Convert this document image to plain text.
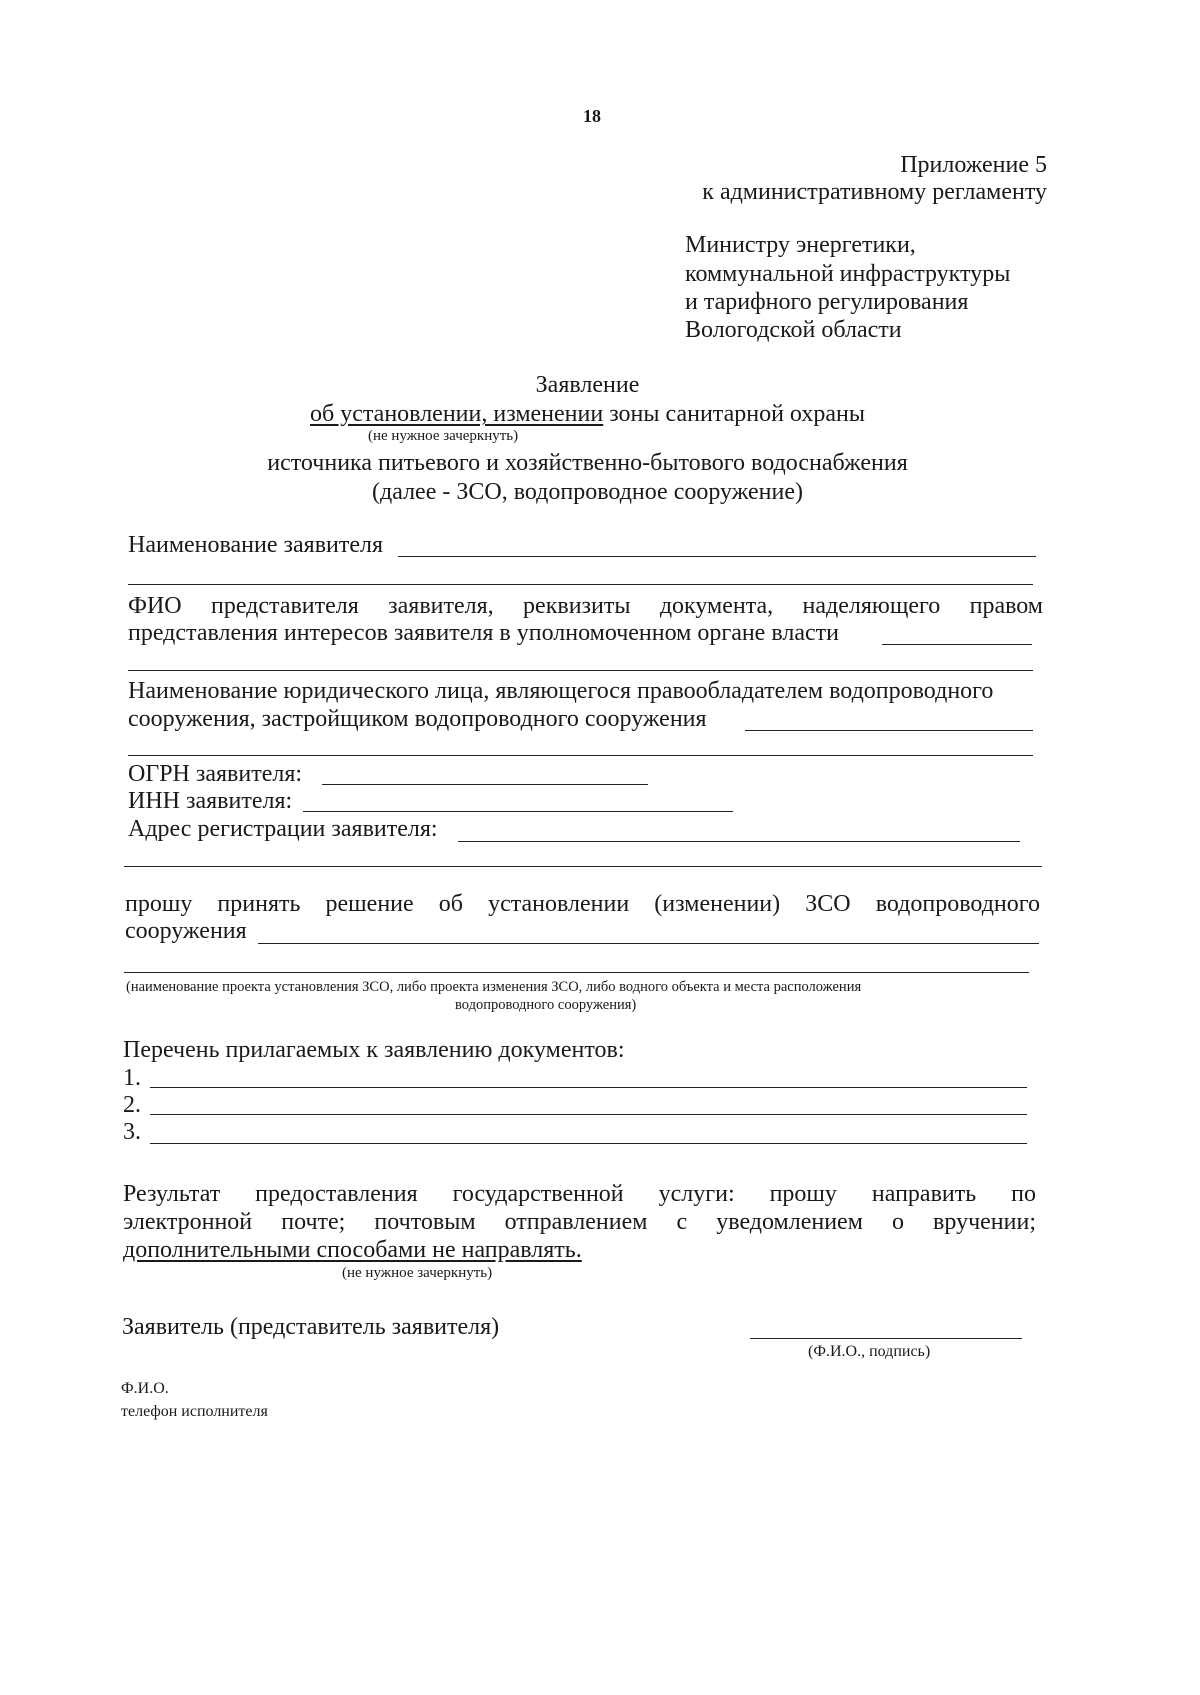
18
Приложение 5
к административному регламенту
Министру энергетики,
коммунальной инфраструктуры
и тарифного регулирования
Вологодской области
Заявление
об установлении, изменении зоны санитарной охраны
(не нужное зачеркнуть)
источника питьевого и хозяйственно-бытового водоснабжения
(далее - ЗСО, водопроводное сооружение)
Наименование заявителя
ФИО представителя заявителя, реквизиты документа, наделяющего правом
представления интересов заявителя в уполномоченном органе власти
Наименование юридического лица, являющегося правообладателем водопроводного
сооружения, застройщиком водопроводного сооружения
ОГРН заявителя:
ИНН заявителя:
Адрес регистрации заявителя:
прошу принять решение об установлении (изменении) ЗСО водопроводного
сооружения
(наименование проекта установления ЗСО, либо проекта изменения ЗСО, либо водного объекта и места расположения
водопроводного сооружения)
Перечень прилагаемых к заявлению документов:
1.
2.
3.
Результат предоставления государственной услуги: прошу направить по
электронной почте; почтовым отправлением с уведомлением о вручении;
дополнительными способами не направлять.
(не нужное зачеркнуть)
Заявитель (представитель заявителя)
(Ф.И.О., подпись)
Ф.И.О.
телефон исполнителя
